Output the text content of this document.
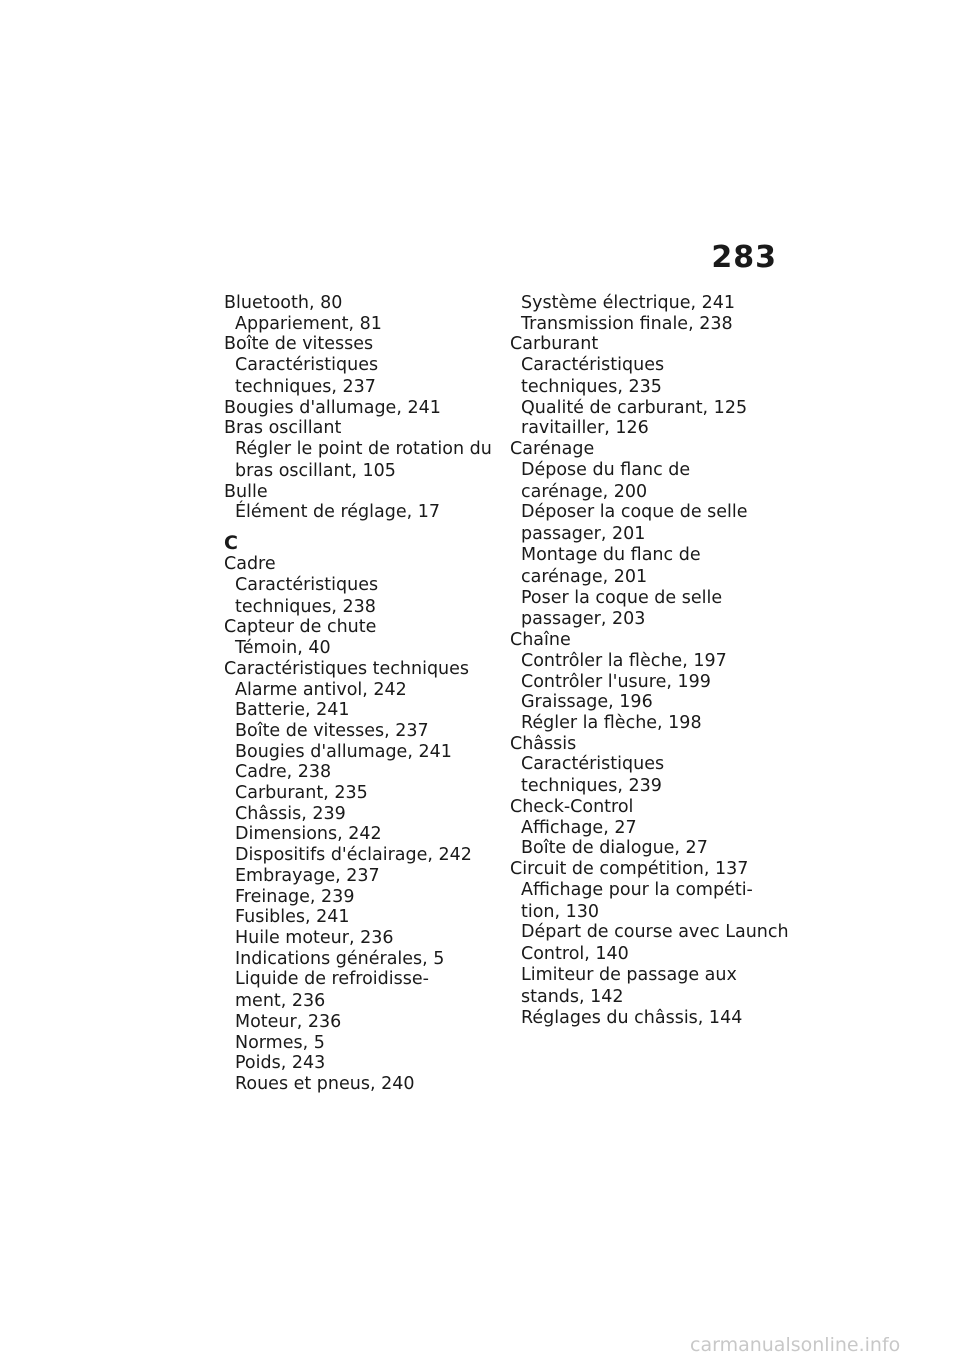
283
Bluetooth, 80
Appariement, 81
Boîte de vitesses
Caractéristiques
techniques, 237
Bougies d'allumage, 241
Bras oscillant
Régler le point de rotation du
bras oscillant, 105
Bulle
Élément de réglage, 17
C
Cadre
Caractéristiques
techniques, 238
Capteur de chute
Témoin, 40
Caractéristiques techniques
Alarme antivol, 242
Batterie, 241
Boîte de vitesses, 237
Bougies d'allumage, 241
Cadre, 238
Carburant, 235
Châssis, 239
Dimensions, 242
Dispositifs d'éclairage, 242
Embrayage, 237
Freinage, 239
Fusibles, 241
Huile moteur, 236
Indications générales, 5
Liquide de refroidisse-
ment, 236
Moteur, 236
Normes, 5
Poids, 243
Roues et pneus, 240
Système électrique, 241
Transmission finale, 238
Carburant
Caractéristiques
techniques, 235
Qualité de carburant, 125
ravitailler, 126
Carénage
Dépose du flanc de
carénage, 200
Déposer la coque de selle
passager, 201
Montage du flanc de
carénage, 201
Poser la coque de selle
passager, 203
Chaîne
Contrôler la flèche, 197
Contrôler l'usure, 199
Graissage, 196
Régler la flèche, 198
Châssis
Caractéristiques
techniques, 239
Check-Control
Affichage, 27
Boîte de dialogue, 27
Circuit de compétition, 137
Affichage pour la compéti-
tion, 130
Départ de course avec Launch
Control, 140
Limiteur de passage aux
stands, 142
Réglages du châssis, 144
carmanualsonline.info
